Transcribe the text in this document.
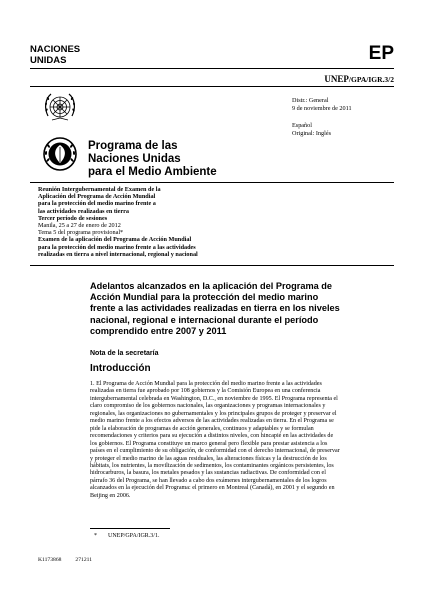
NACIONES
UNIDAS	EP
UNEP/GPA/IGR.3/2
Distr.: General
9 de noviembre de 2011
Español
Original: Inglés
Programa de las
Naciones Unidas
para el Medio Ambiente
Reunión Intergubernamental de Examen de la
Aplicación del Programa de Acción Mundial
para la protección del medio marino frente a
las actividades realizadas en tierra
Tercer período de sesiones
Manila, 25 a 27 de enero de 2012
Tema 5 del programa provisional*
Examen de la aplicación del Programa de Acción Mundial
para la protección del medio marino frente a las actividades
realizadas en tierra a nivel internacional, regional y nacional
Adelantos alcanzados en la aplicación del Programa de
Acción Mundial para la protección del medio marino
frente a las actividades realizadas en tierra en los niveles
nacional, regional e internacional durante el período
comprendido entre 2007 y 2011
Nota de la secretaría
Introducción
1. El Programa de Acción Mundial para la protección del medio marino frente a las actividades
realizadas en tierra fue aprobado por 108 gobiernos y la Comisión Europea en una conferencia
intergubernamental celebrada en Washington, D.C., en noviembre de 1995. El Programa representa el
claro compromiso de los gobiernos nacionales, las organizaciones y programas internacionales y
regionales, las organizaciones no gubernamentales y los principales grupos de proteger y preservar el
medio marino frente a los efectos adversos de las actividades realizadas en tierra. En el Programa se
pide la elaboración de programas de acción generales, continuos y adaptables y se formulan
recomendaciones y criterios para su ejecución a distintos niveles, con hincapié en las actividades de
los gobiernos. El Programa constituye un marco general pero flexible para prestar asistencia a los
países en el cumplimiento de su obligación, de conformidad con el derecho internacional, de preservar
y proteger el medio marino de las aguas residuales, las alteraciones físicas y la destrucción de los
hábitats, los nutrientes, la movilización de sedimentos, los contaminantes orgánicos persistentes, los
hidrocarburos, la basura, los metales pesados y las sustancias radiactivas. De conformidad con el
párrafo 36 del Programa, se han llevado a cabo dos exámenes intergubernamentales de los logros
alcanzados en la ejecución del Programa: el primero en Montreal (Canadá), en 2001 y el segundo en
Beijing en 2006.
* UNEP/GPA/IGR.3/1.
K1173868	271211
